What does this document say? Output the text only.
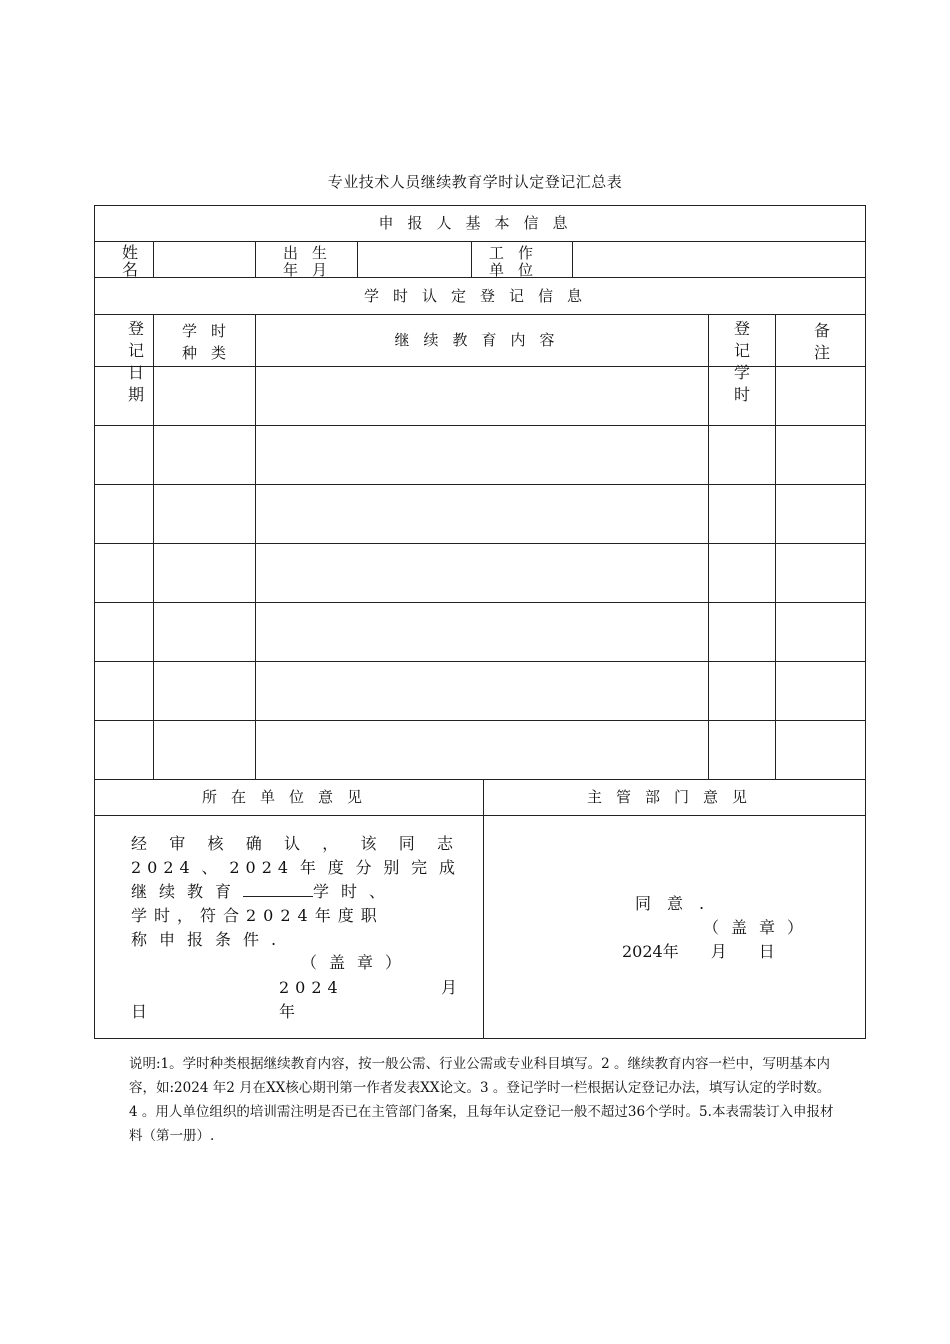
专业技术人员继续教育学时认定登记汇总表
申报人基本信息
姓名
出生年月
工作单位
学时认定登记信息
登记日期
学时种类
继续教育内容
登记学时
备注
所在单位意见	主管部门意见
经审核确认，该同志
2024、2024年度分别完成
继续教育	学时、
学时，符合2024年度职
称申报条件.
（盖章）
2024 年
月
日
同意.
（盖章）
2024年　　月　　日
说明:1。学时种类根据继续教育内容，按一般公需、行业公需或专业科目填写。2 。继续教育内容一栏中，写明基本内容，如:2024 年2 月在XX核心期刊第一作者发表XX论文。3 。登记学时一栏根据认定登记办法，填写认定的学时数。4 。用人单位组织的培训需注明是否已在主管部门备案，且每年认定登记一般不超过36个学时。5.本表需装订入申报材料（第一册）.
